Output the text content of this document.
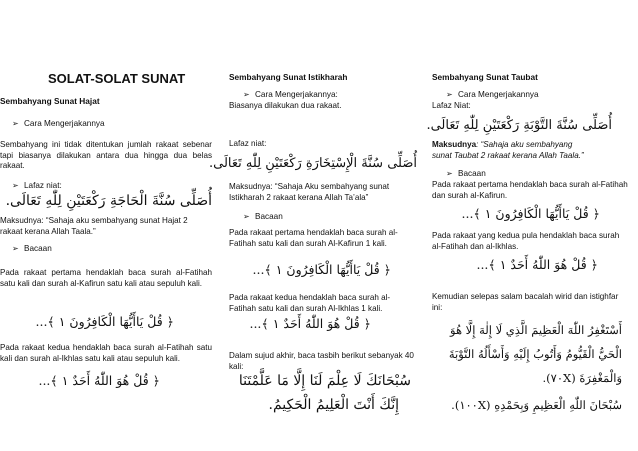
SOLAT-SOLAT SUNAT
Sembahyang Sunat Hajat
➢ Cara Mengerjakannya
Sembahyang ini tidak ditentukan jumlah rakaat sebenar tapi biasanya dilakukan antara dua hingga dua belas rakaat.
➢ Lafaz niat:
أُصَلِّى سُنَّةَ الْحَاجَةِ رَكْعَتَيْنِ لِلّٰهِ تَعَالَى.
Maksudnya: “Sahaja aku sembahyang sunat Hajat 2 rakaat kerana Allah Taala.”
➢ Bacaan
Pada rakaat pertama hendaklah baca surah al-Fatihah satu kali dan surah al-Kafirun satu kali atau sepuluh kali.
﴿ قُلْ يَاأَيُّهَا الْكَافِرُونَ ١ ﴾...
Pada rakaat kedua hendaklah baca surah al-Fatihah satu kali dan surah al-Ikhlas satu kali atau sepuluh kali.
﴿ قُلْ هُوَ اللّٰهُ أَحَدٌ ١ ﴾...
Sembahyang Sunat Istikharah
➢ Cara Mengerjakannya:
Biasanya dilakukan dua rakaat.
Lafaz niat:
أُصَلِّى سُنَّةَ الْإِسْتِخَارَةِ رَكْعَتَيْنِ لِلّٰهِ تَعَالَى.
Maksudnya: “Sahaja Aku sembahyang sunat
Istikharah 2 rakaat kerana Allah Ta’ala”
➢ Bacaan
Pada rakaat pertama hendaklah baca surah al-Fatihah satu kali dan surah Al-Kafirun 1 kali.
﴿ قُلْ يَاأَيُّهَا الْكَافِرُونَ ١ ﴾...
Pada rakaat kedua hendaklah baca surah al-Fatihah satu kali dan surah Al-Ikhlas 1 kali.
﴿ قُلْ هُوَ اللّٰهُ أَحَدٌ ١ ﴾...
Dalam sujud akhir, baca tasbih berikut sebanyak 40 kali:
سُبْحَانَكَ لَا عِلْمَ لَنَا إِلَّا مَا عَلَّمْتَنَا
إِنَّكَ أَنْتَ الْعَلِيمُ الْحَكِيمُ.
Sembahyang Sunat Taubat
➢ Cara Mengerjakannya
Lafaz Niat:
أُصَلِّى سُنَّةَ التَّوْبَةِ رَكْعَتَيْنِ لِلّٰهِ تَعَالَى.
Maksudnya: “Sahaja aku sembahyang
sunat Taubat 2 rakaat kerana Allah Taala.”
➢ Bacaan
Pada rakaat pertama hendaklah baca surah al-Fatihah dan surah al-Kafirun.
﴿ قُلْ يَاأَيُّهَا الْكَافِرُونَ ١ ﴾...
Pada rakaat yang kedua pula hendaklah baca surah al-Fatihah dan al-Ikhlas.
﴿ قُلْ هُوَ اللّٰهُ أَحَدٌ ١ ﴾...
Kemudian selepas salam bacalah wirid dan istighfar ini:
أَسْتَغْفِرُ اللّٰهَ الْعَظِيمَ الَّذِي لَا إِلٰهَ إِلَّا هُوَ
الْحَيُّ الْقَيُّومُ وَأَتُوبُ إِلَيْهِ وَأَسْأَلُهُ التَّوْبَةَ
وَالْمَغْفِرَةَ (٧٠X).
سُبْحَانَ اللّٰهِ الْعَظِيمِ وَبِحَمْدِهِ (١٠٠X).
